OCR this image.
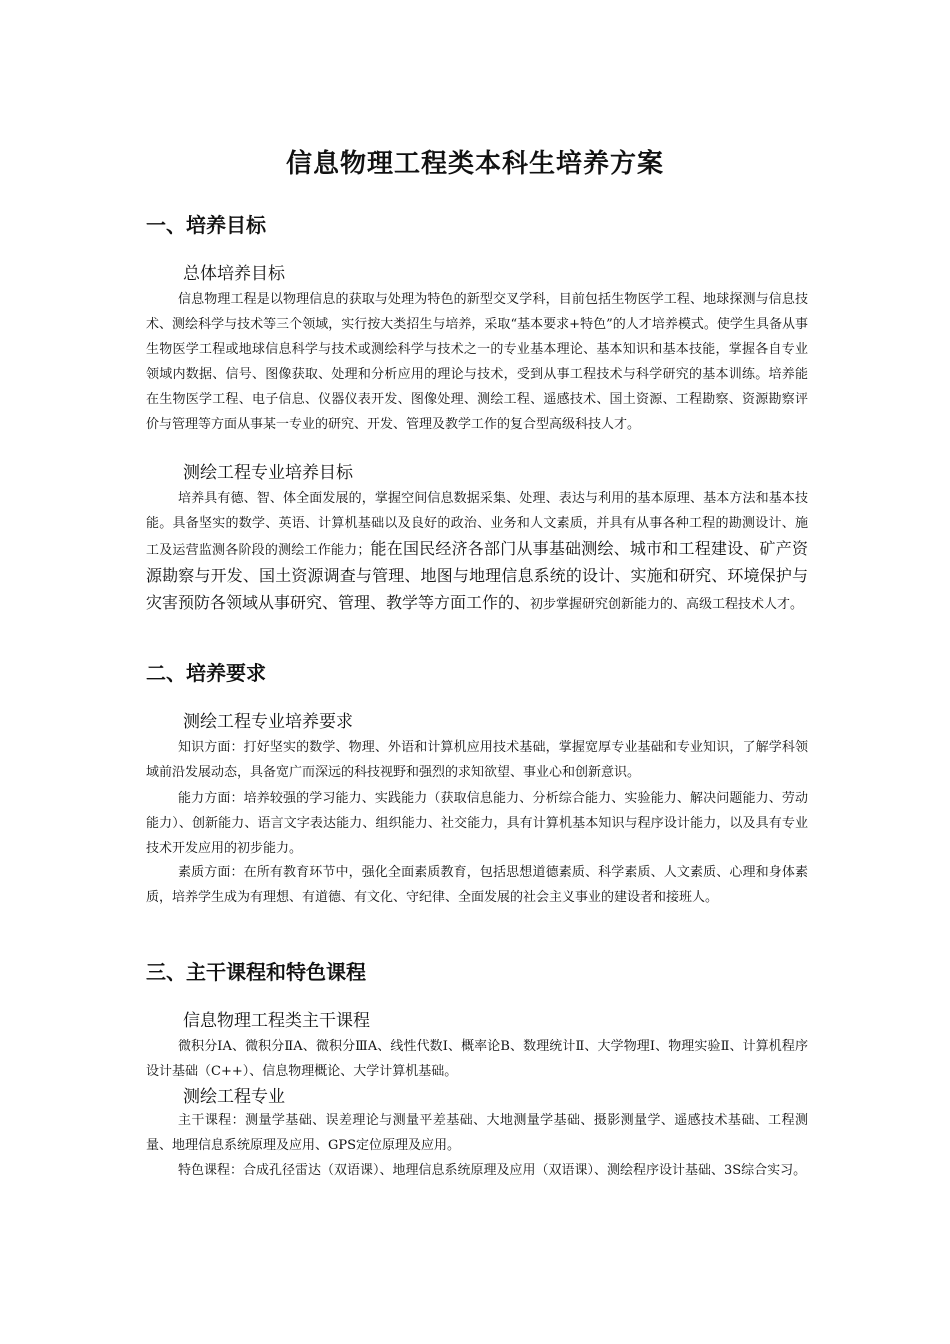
信息物理工程类本科生培养方案
一、培养目标
总体培养目标

信息物理工程是以物理信息的获取与处理为特色的新型交叉学科，目前包括生物医学工程、地球探测与信息技术、测绘科学与技术等三个领域，实行按大类招生与培养，采取“基本要求+特色”的人才培养模式。使学生具备从事生物医学工程或地球信息科学与技术或测绘科学与技术之一的专业基本理论、基本知识和基本技能，掌握各自专业领域内数据、信号、图像获取、处理和分析应用的理论与技术，受到从事工程技术与科学研究的基本训练。培养能在生物医学工程、电子信息、仪器仪表开发、图像处理、测绘工程、遥感技术、国土资源、工程勘察、资源勘察评价与管理等方面从事某一专业的研究、开发、管理及教学工作的复合型高级科技人才。

测绘工程专业培养目标

培养具有德、智、体全面发展的，掌握空间信息数据采集、处理、表达与利用的基本原理、基本方法和基本技能。具备坚实的数学、英语、计算机基础以及良好的政治、业务和人文素质，并具有从事各种工程的勘测设计、施工及运营监测各阶段的测绘工作能力；能在国民经济各部门从事基础测绘、城市和工程建设、矿产资源勘察与开发、国土资源调查与管理、地图与地理信息系统的设计、实施和研究、环境保护与灾害预防各领域从事研究、管理、教学等方面工作的、初步掌握研究创新能力的、高级工程技术人才。

二、培养要求
测绘工程专业培养要求

知识方面：打好坚实的数学、物理、外语和计算机应用技术基础，掌握宽厚专业基础和专业知识，了解学科领域前沿发展动态，具备宽广而深远的科技视野和强烈的求知欲望、事业心和创新意识。

能力方面：培养较强的学习能力、实践能力（获取信息能力、分析综合能力、实验能力、解决问题能力、劳动能力）、创新能力、语言文字表达能力、组织能力、社交能力，具有计算机基本知识与程序设计能力，以及具有专业技术开发应用的初步能力。

素质方面：在所有教育环节中，强化全面素质教育，包括思想道德素质、科学素质、人文素质、心理和身体素质，培养学生成为有理想、有道德、有文化、守纪律、全面发展的社会主义事业的建设者和接班人。

三、主干课程和特色课程
信息物理工程类主干课程

微积分ⅠA、微积分ⅡA、微积分ⅢA、线性代数Ⅰ、概率论B、数理统计Ⅱ、大学物理Ⅰ、物理实验Ⅱ、计算机程序设计基础（C++）、信息物理概论、大学计算机基础。

测绘工程专业

主干课程：测量学基础、误差理论与测量平差基础、大地测量学基础、摄影测量学、遥感技术基础、工程测量、地理信息系统原理及应用、GPS定位原理及应用。

特色课程：合成孔径雷达（双语课）、地理信息系统原理及应用（双语课）、测绘程序设计基础、3S综合实习。
